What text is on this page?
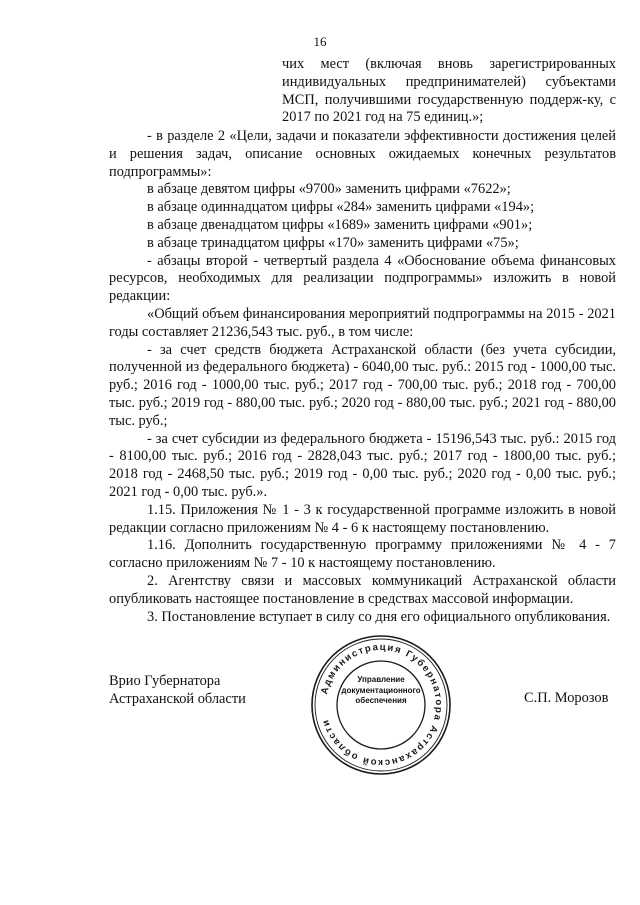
16

чих мест (включая вновь зарегистрированных индивидуальных предпринимателей) субъектами МСП, получившими государственную поддерж-ку, с 2017 по 2021 год на 75 единиц.»;

- в разделе 2 «Цели, задачи и показатели эффективности достижения целей и решения задач, описание основных ожидаемых конечных результатов подпрограммы»:

в абзаце девятом цифры «9700» заменить цифрами «7622»;

в абзаце одиннадцатом цифры «284» заменить цифрами «194»;

в абзаце двенадцатом цифры «1689» заменить цифрами «901»;

в абзаце тринадцатом цифры «170» заменить цифрами «75»;

- абзацы второй - четвертый раздела 4 «Обоснование объема финансовых ресурсов, необходимых для реализации подпрограммы» изложить в новой редакции:

«Общий объем финансирования мероприятий подпрограммы на 2015 - 2021 годы составляет 21236,543 тыс. руб., в том числе:

- за счет средств бюджета Астраханской области (без учета субсидии, полученной из федерального бюджета) - 6040,00 тыс. руб.: 2015 год - 1000,00 тыс. руб.; 2016 год - 1000,00 тыс. руб.; 2017 год - 700,00 тыс. руб.; 2018 год - 700,00 тыс. руб.; 2019 год - 880,00 тыс. руб.; 2020 год - 880,00 тыс. руб.; 2021 год - 880,00 тыс. руб.;

- за счет субсидии из федерального бюджета - 15196,543 тыс. руб.: 2015 год - 8100,00 тыс. руб.; 2016 год - 2828,043 тыс. руб.; 2017 год - 1800,00 тыс. руб.; 2018 год - 2468,50 тыс. руб.; 2019 год - 0,00 тыс. руб.; 2020 год - 0,00 тыс. руб.; 2021 год - 0,00 тыс. руб.».

1.15. Приложения № 1 - 3 к государственной программе изложить в новой редакции согласно приложениям № 4 - 6 к настоящему постановлению.

1.16. Дополнить государственную программу приложениями № 4 - 7 согласно приложениям № 7 - 10 к настоящему постановлению.

2. Агентству связи и массовых коммуникаций Астраханской области опубликовать настоящее постановление в средствах массовой информации.

3. Постановление вступает в силу со дня его официального опубликования.

Врио Губернатора
Астраханской области
Администрация Губернатора Астраханской области
Управление
документационного
обеспечения	С.П. Морозов
